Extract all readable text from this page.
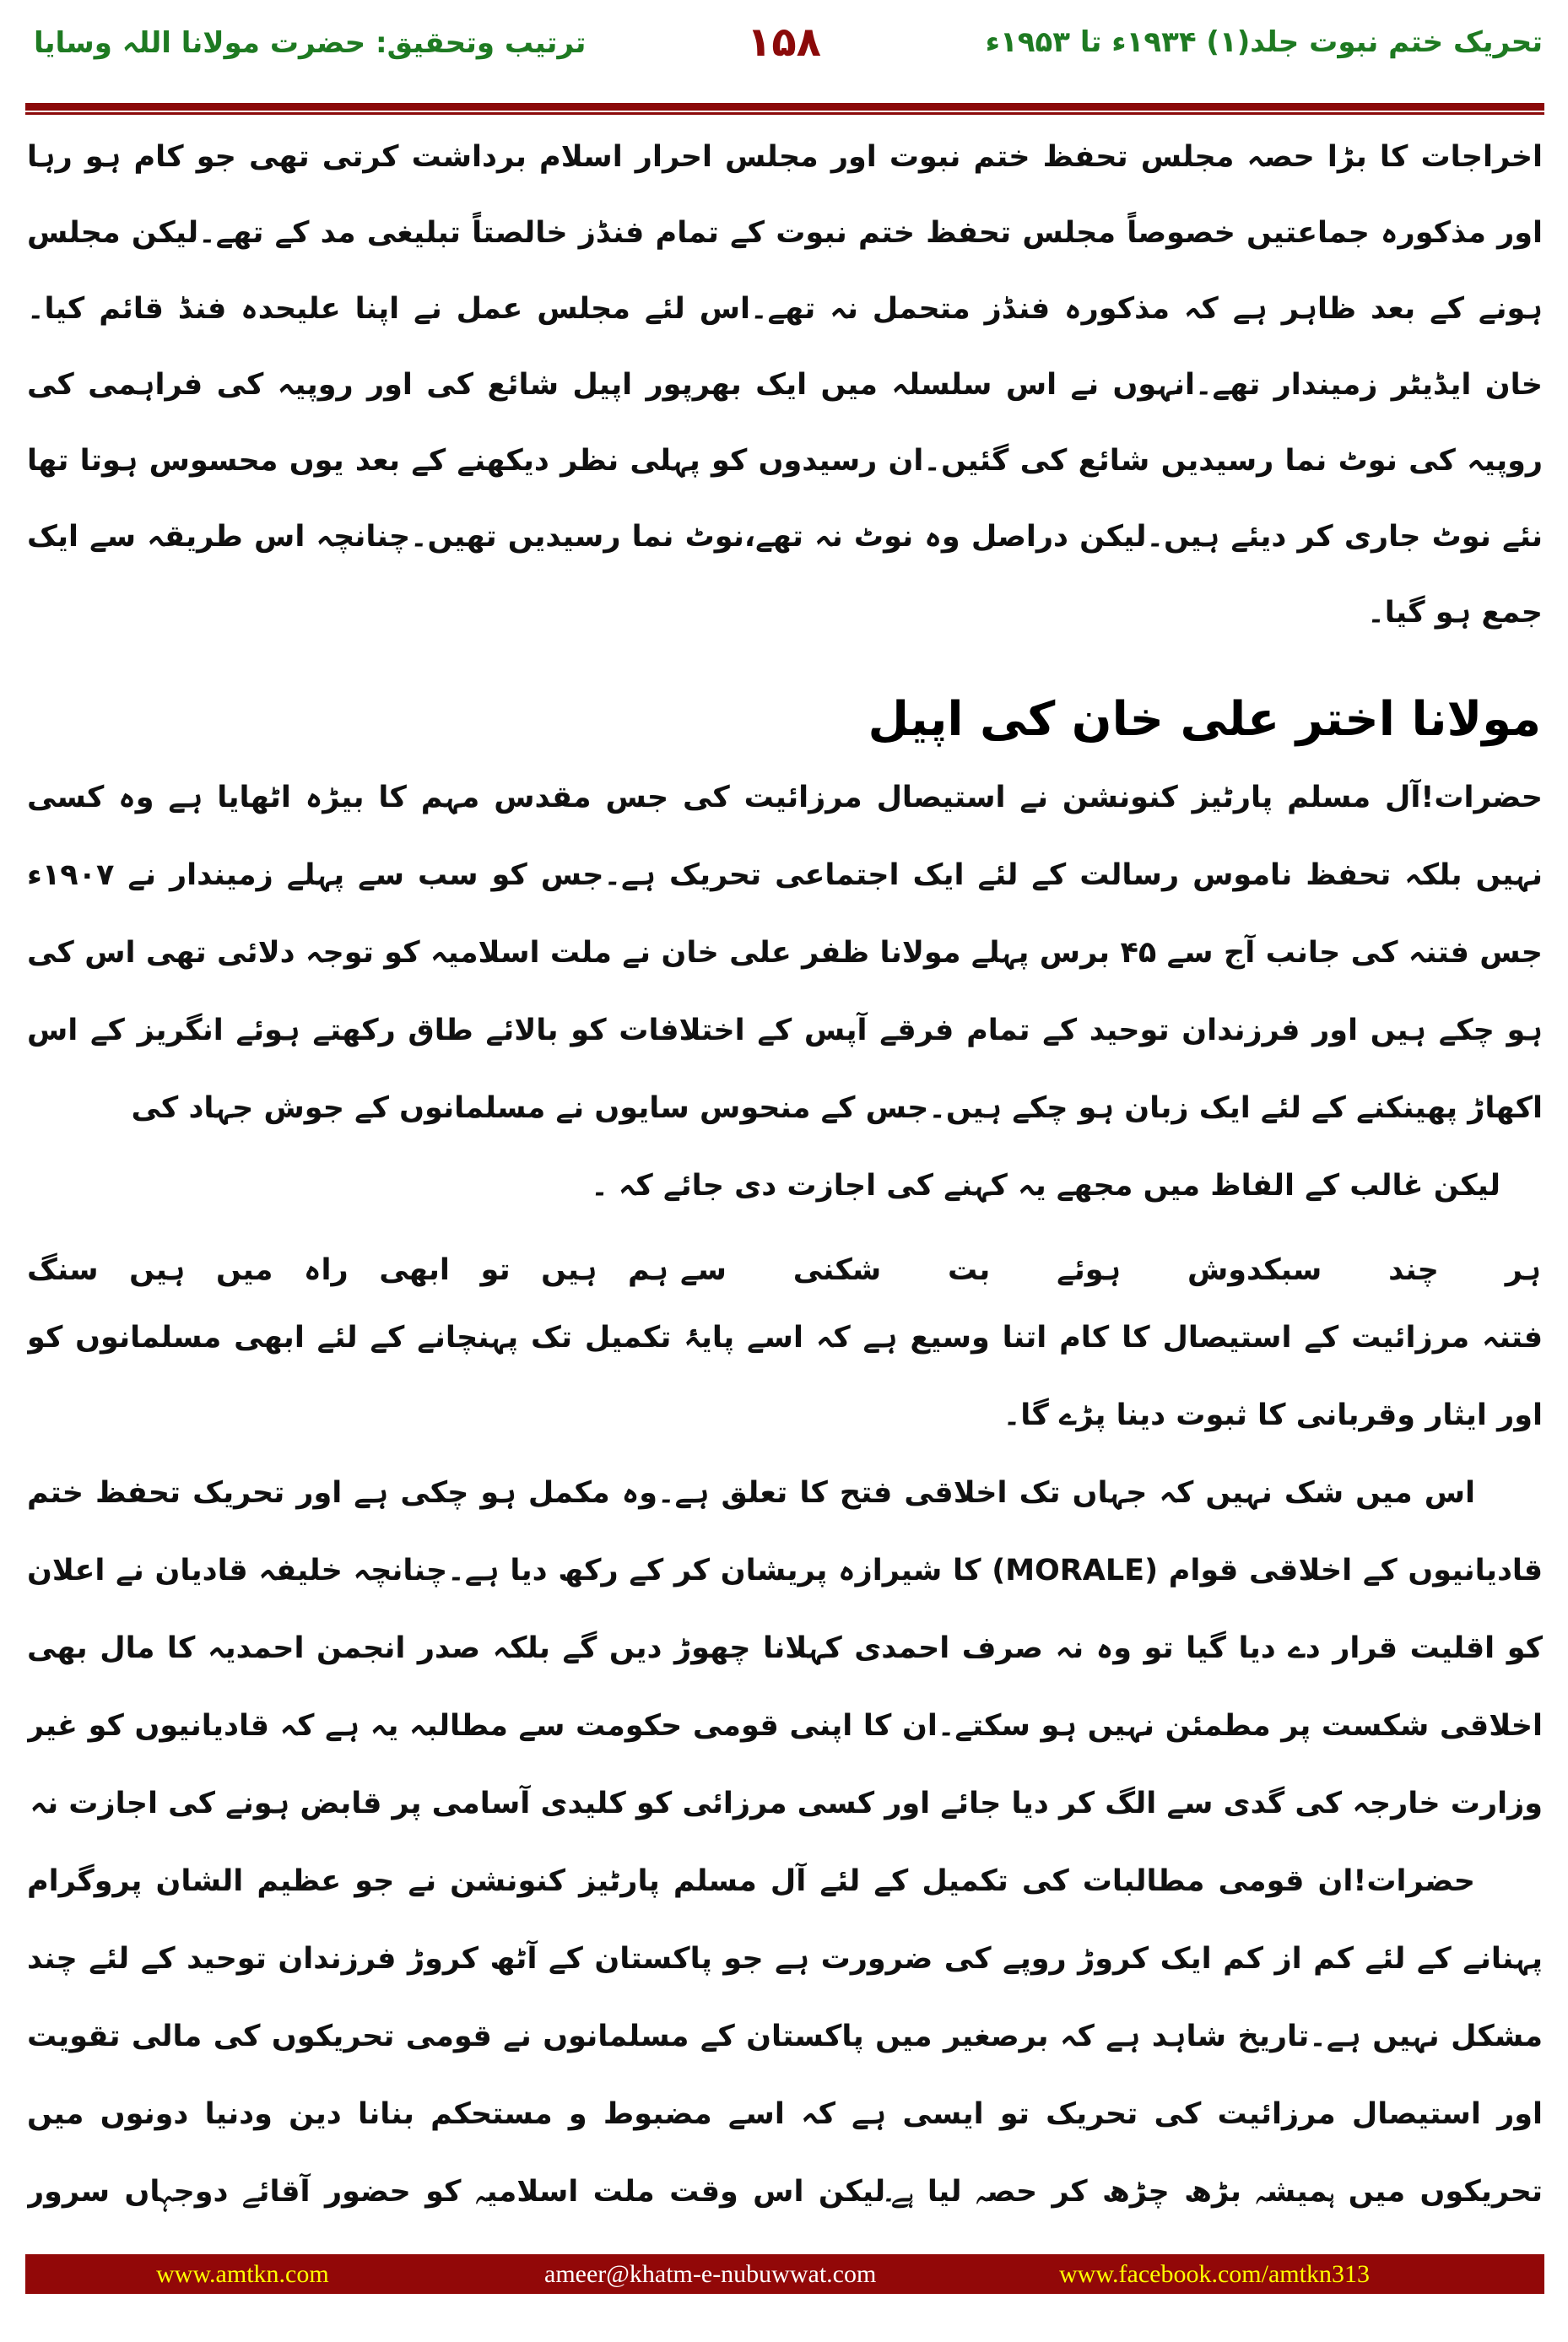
تحریک ختم نبوت جلد(۱) ۱۹۳۴ء تا ۱۹۵۳ء
۱۵۸
ترتیب وتحقیق: حضرت مولانا اللہ وسایا
اخراجات کا بڑا حصہ مجلس تحفظ ختم نبوت اور مجلس احرار اسلام برداشت کرتی تھی جو کام ہو رہا
اور مذکورہ جماعتیں خصوصاً مجلس تحفظ ختم نبوت کے تمام فنڈز خالصتاً تبلیغی مد کے تھے۔لیکن مجلس
ہونے کے بعد ظاہر ہے کہ مذکورہ فنڈز متحمل نہ تھے۔اس لئے مجلس عمل نے اپنا علیحدہ فنڈ قائم کیا۔
خان ایڈیٹر زمیندار تھے۔انہوں نے اس سلسلہ میں ایک بھرپور اپیل شائع کی اور روپیہ کی فراہمی کی
روپیہ کی نوٹ نما رسیدیں شائع کی گئیں۔ان رسیدوں کو پہلی نظر دیکھنے کے بعد یوں محسوس ہوتا تھا
نئے نوٹ جاری کر دیئے ہیں۔لیکن دراصل وہ نوٹ نہ تھے،نوٹ نما رسیدیں تھیں۔چنانچہ اس طریقہ سے ایک
جمع ہو گیا۔
مولانا اختر علی خان کی اپیل
حضرات!آل مسلم پارٹیز کنونشن نے استیصال مرزائیت کی جس مقدس مہم کا بیڑہ اٹھایا ہے وہ کسی
نہیں بلکہ تحفظ ناموس رسالت کے لئے ایک اجتماعی تحریک ہے۔جس کو سب سے پہلے زمیندار نے ۱۹۰۷ء
جس فتنہ کی جانب آج سے ۴۵ برس پہلے مولانا ظفر علی خان نے ملت اسلامیہ کو توجہ دلائی تھی اس کی
ہو چکے ہیں اور فرزندان توحید کے تمام فرقے آپس کے اختلافات کو بالائے طاق رکھتے ہوئے انگریز کے اس
اکھاڑ پھینکنے کے لئے ایک زبان ہو چکے ہیں۔جس کے منحوس سایوں نے مسلمانوں کے جوش جہاد کی
لیکن غالب کے الفاظ میں مجھے یہ کہنے کی اجازت دی جائے کہ ۔
ہر چند سبکدوش ہوئے بت شکنی سے
ہم ہیں تو ابھی راہ میں ہیں سنگ
فتنہ مرزائیت کے استیصال کا کام اتنا وسیع ہے کہ اسے پایۂ تکمیل تک پہنچانے کے لئے ابھی مسلمانوں کو
اور ایثار وقربانی کا ثبوت دینا پڑے گا۔
اس میں شک نہیں کہ جہاں تک اخلاقی فتح کا تعلق ہے۔وہ مکمل ہو چکی ہے اور تحریک تحفظ ختم
قادیانیوں کے اخلاقی قوام (MORALE) کا شیرازہ پریشان کر کے رکھ دیا ہے۔چنانچہ خلیفہ قادیان نے اعلان
کو اقلیت قرار دے دیا گیا تو وہ نہ صرف احمدی کہلانا چھوڑ دیں گے بلکہ صدر انجمن احمدیہ کا مال بھی
اخلاقی شکست پر مطمئن نہیں ہو سکتے۔ان کا اپنی قومی حکومت سے مطالبہ یہ ہے کہ قادیانیوں کو غیر
وزارت خارجہ کی گدی سے الگ کر دیا جائے اور کسی مرزائی کو کلیدی آسامی پر قابض ہونے کی اجازت نہ
حضرات!ان قومی مطالبات کی تکمیل کے لئے آل مسلم پارٹیز کنونشن نے جو عظیم الشان پروگرام
پہنانے کے لئے کم از کم ایک کروڑ روپے کی ضرورت ہے جو پاکستان کے آٹھ کروڑ فرزندان توحید کے لئے چند
مشکل نہیں ہے۔تاریخ شاہد ہے کہ برصغیر میں پاکستان کے مسلمانوں نے قومی تحریکوں کی مالی تقویت
اور استیصال مرزائیت کی تحریک تو ایسی ہے کہ اسے مضبوط و مستحکم بنانا دین ودنیا دونوں میں
تحریکوں میں ہمیشہ بڑھ چڑھ کر حصہ لیا ہے۔لیکن اس وقت ملت اسلامیہ کو حضور آقائے دوجہاں سرور
www.amtkn.com	ameer@khatm-e-nubuwwat.com	www.facebook.com/amtkn313
